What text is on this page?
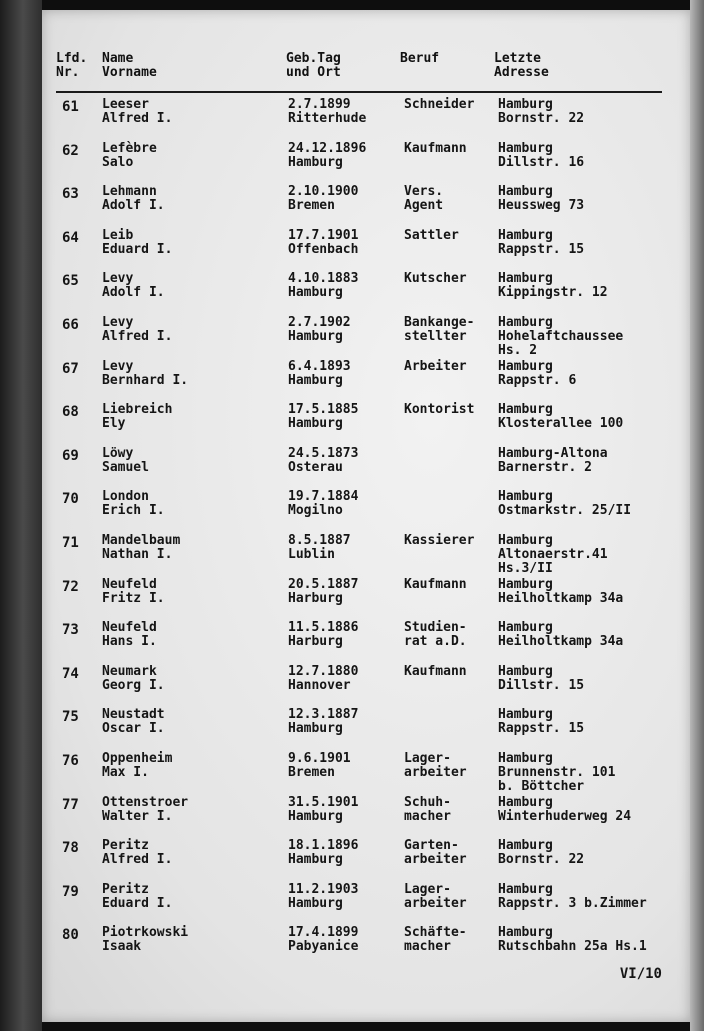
Lfd.
Nr.
Name
Vorname
Geb.Tag
und Ort
Beruf	Letzte
Adresse
61 Leeser
Alfred I.
2.7.1899
Ritterhude
Schneider Hamburg
Bornstr. 22
62 Lefèbre
Salo
24.12.1896
Hamburg
Kaufmann Hamburg
Dillstr. 16
63 Lehmann
Adolf I.
2.10.1900
Bremen
Vers.
Agent
Hamburg
Heussweg 73
64 Leib
Eduard I.
17.7.1901
Offenbach
Sattler	Hamburg
Rappstr. 15
65 Levy
Adolf I.
4.10.1883
Hamburg
Kutscher Hamburg
Kippingstr. 12
66 Levy
Alfred I.
2.7.1902
Hamburg
Bankange-
stellter
Hamburg
Hohelaftchaussee
Hs. 2
67 Levy
Bernhard I.
6.4.1893
Hamburg
Arbeiter Hamburg
Rappstr. 6
68 Liebreich
Ely
17.5.1885
Hamburg
Kontorist Hamburg
Klosterallee 100
69 Löwy
Samuel
24.5.1873
Osterau
Hamburg-Altona
Barnerstr. 2
70 London
Erich I.
19.7.1884
Mogilno
Hamburg
Ostmarkstr. 25/II
71 Mandelbaum
Nathan I.
8.5.1887
Lublin
Kassierer Hamburg
Altonaerstr.41
Hs.3/II
72 Neufeld
Fritz I.
20.5.1887
Harburg
Kaufmann Hamburg
Heilholtkamp 34a
73 Neufeld
Hans I.
11.5.1886
Harburg
Studien-
rat a.D.
Hamburg
Heilholtkamp 34a
74 Neumark
Georg I.
12.7.1880
Hannover
Kaufmann Hamburg
Dillstr. 15
75 Neustadt
Oscar I.
12.3.1887
Hamburg
Hamburg
Rappstr. 15
76 Oppenheim
Max I.
9.6.1901
Bremen
Lager-
arbeiter
Hamburg
Brunnenstr. 101
b. Böttcher
77 Ottenstroer
Walter I.
31.5.1901
Hamburg
Schuh-
macher
Hamburg
Winterhuderweg 24
78 Peritz
Alfred I.
18.1.1896
Hamburg
Garten-
arbeiter
Hamburg
Bornstr. 22
79 Peritz
Eduard I.
11.2.1903
Hamburg
Lager-
arbeiter
Hamburg
Rappstr. 3 b.Zimmer
80 Piotrkowski
Isaak
17.4.1899
Pabyanice
Schäfte-
macher
Hamburg
Rutschbahn 25a Hs.1
VI/10
